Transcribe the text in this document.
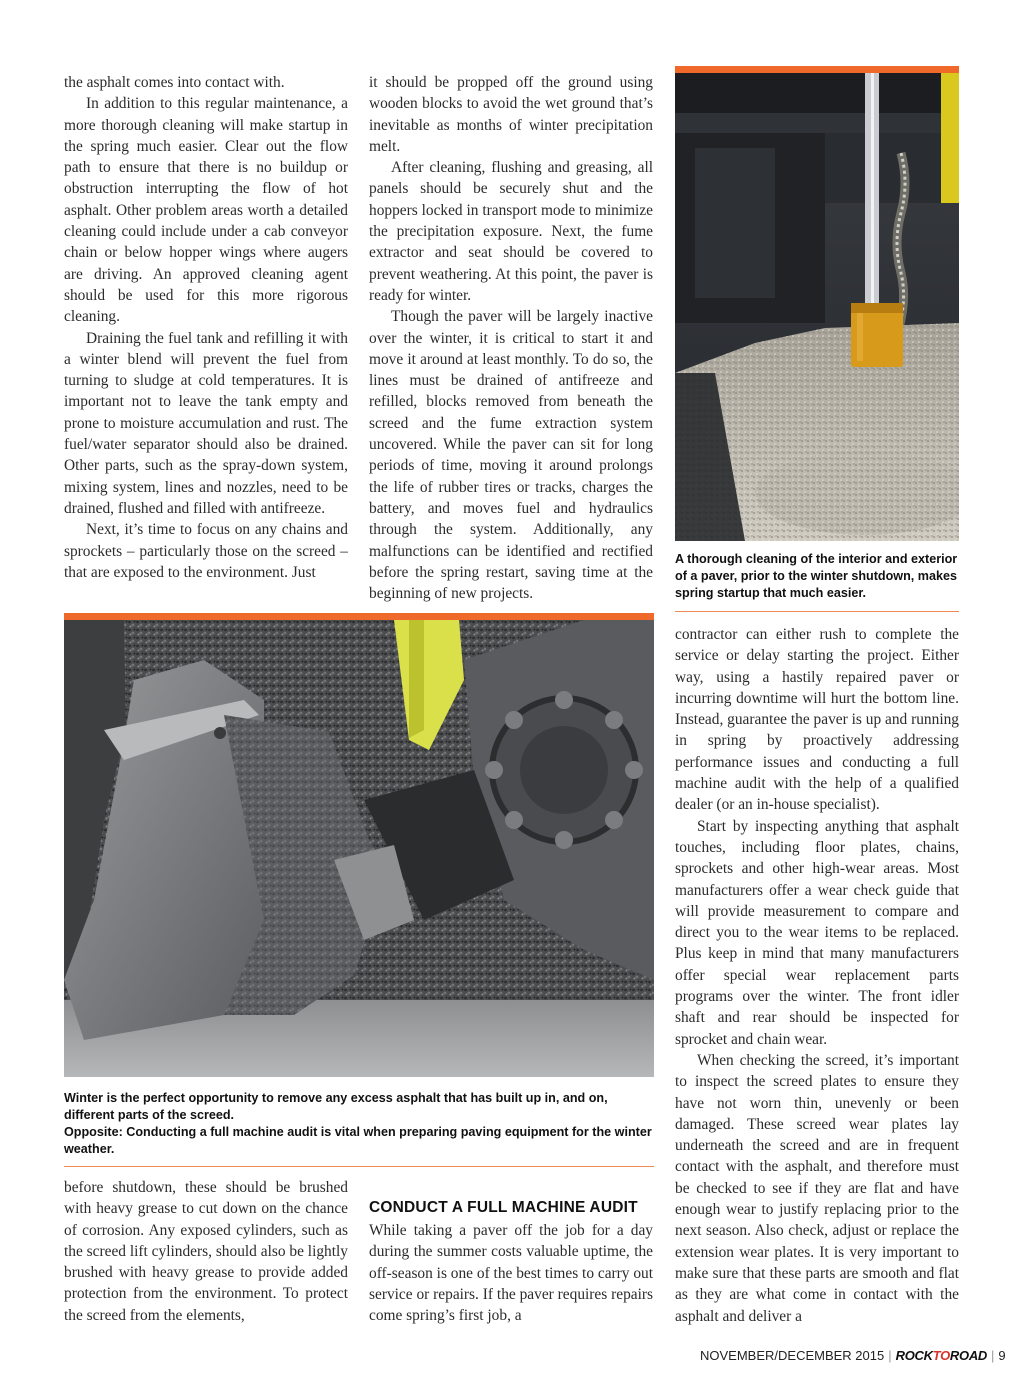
the asphalt comes into contact with.

In addition to this regular maintenance, a more thorough cleaning will make startup in the spring much easier. Clear out the flow path to ensure that there is no buildup or obstruction interrupting the flow of hot asphalt. Other problem areas worth a detailed cleaning could include under a cab conveyor chain or below hopper wings where augers are driving. An approved cleaning agent should be used for this more rigorous cleaning.

Draining the fuel tank and refilling it with a winter blend will prevent the fuel from turning to sludge at cold temperatures. It is important not to leave the tank empty and prone to moisture accumulation and rust. The fuel/water separator should also be drained. Other parts, such as the spray-down system, mixing system, lines and nozzles, need to be drained, flushed and filled with antifreeze.

Next, it’s time to focus on any chains and sprockets – particularly those on the screed – that are exposed to the environment. Just

it should be propped off the ground using wooden blocks to avoid the wet ground that’s inevitable as months of winter precipitation melt.

After cleaning, flushing and greasing, all panels should be securely shut and the hoppers locked in transport mode to minimize the precipitation exposure. Next, the fume extractor and seat should be covered to prevent weathering. At this point, the paver is ready for winter.

Though the paver will be largely inactive over the winter, it is critical to start it and move it around at least monthly. To do so, the lines must be drained of antifreeze and refilled, blocks removed from beneath the screed and the fume extraction system uncovered. While the paver can sit for long periods of time, moving it around prolongs the life of rubber tires or tracks, charges the battery, and moves fuel and hydraulics through the system. Additionally, any malfunctions can be identified and rectified before the spring restart, saving time at the beginning of new projects.

A thorough cleaning of the interior and exterior of a paver, prior to the winter shutdown, makes spring startup that much easier.

Winter is the perfect opportunity to remove any excess asphalt that has built up in, and on, different parts of the screed.

Opposite: Conducting a full machine audit is vital when preparing paving equipment for the winter weather.

before shutdown, these should be brushed with heavy grease to cut down on the chance of corrosion. Any exposed cylinders, such as the screed lift cylinders, should also be lightly brushed with heavy grease to provide added protection from the environment. To protect the screed from the elements,

CONDUCT A FULL MACHINE AUDIT

While taking a paver off the job for a day during the summer costs valuable uptime, the off-season is one of the best times to carry out service or repairs. If the paver requires repairs come spring’s first job, a

contractor can either rush to complete the service or delay starting the project. Either way, using a hastily repaired paver or incurring downtime will hurt the bottom line. Instead, guarantee the paver is up and running in spring by proactively addressing performance issues and conducting a full machine audit with the help of a qualified dealer (or an in-house specialist).

Start by inspecting anything that asphalt touches, including floor plates, chains, sprockets and other high-wear areas. Most manufacturers offer a wear check guide that will provide measurement to compare and direct you to the wear items to be replaced. Plus keep in mind that many manufacturers offer special wear replacement parts programs over the winter. The front idler shaft and rear should be inspected for sprocket and chain wear.

When checking the screed, it’s important to inspect the screed plates to ensure they have not worn thin, unevenly or been damaged. These screed wear plates lay underneath the screed and are in frequent contact with the asphalt, and therefore must be checked to see if they are flat and have enough wear to justify replacing prior to the next season. Also check, adjust or replace the extension wear plates. It is very important to make sure that these parts are smooth and flat as they are what come in contact with the asphalt and deliver a

NOVEMBER/DECEMBER 2015 | ROCKTOROAD | 9
